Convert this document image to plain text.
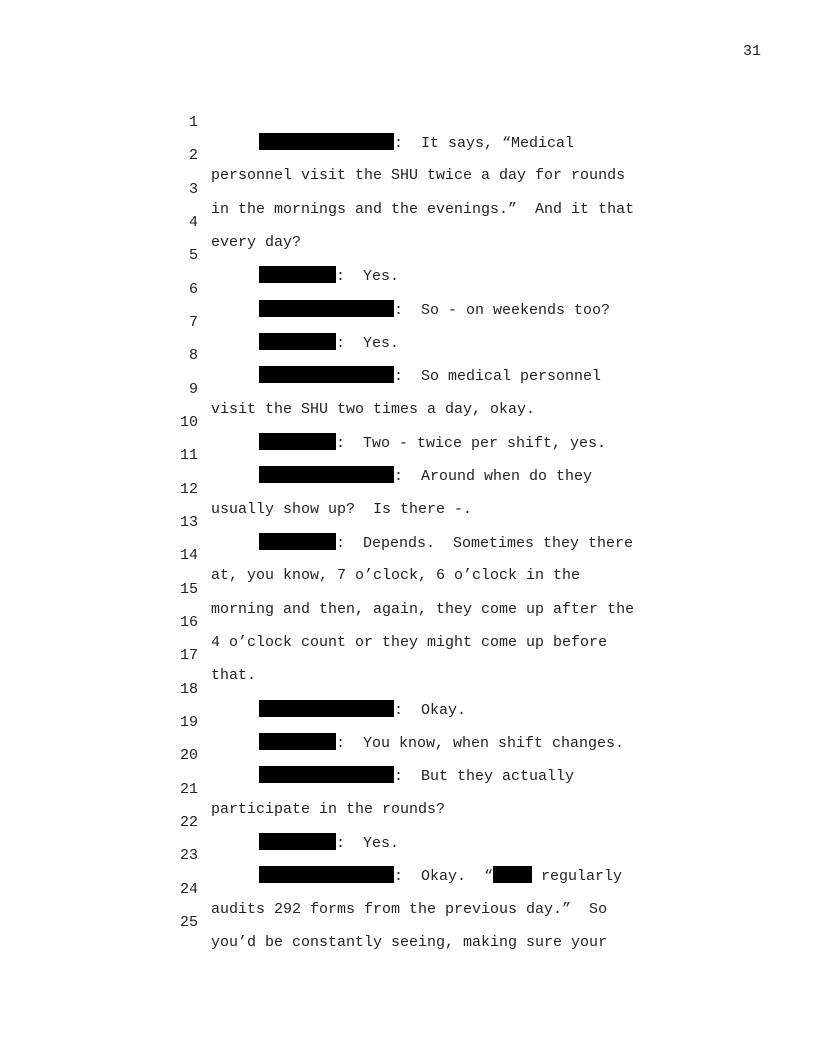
31

1

:  It says, “Medical

2

personnel visit the SHU twice a day for rounds

3

in the mornings and the evenings.”  And it that

4

every day?

5

:  Yes.

6

:  So - on weekends too?

7

:  Yes.

8

:  So medical personnel

9

visit the SHU two times a day, okay.

10

:  Two - twice per shift, yes.

11

:  Around when do they

12

usually show up?  Is there -.

13

:  Depends.  Sometimes they there

14

at, you know, 7 o’clock, 6 o’clock in the

15

morning and then, again, they come up after the

16

4 o’clock count or they might come up before

17

that.

18

:  Okay.

19

:  You know, when shift changes.

20

:  But they actually

21

participate in the rounds?

22

:  Yes.

23

:  Okay.  “	regularly

24

audits 292 forms from the previous day.”  So

25

you’d be constantly seeing, making sure your
